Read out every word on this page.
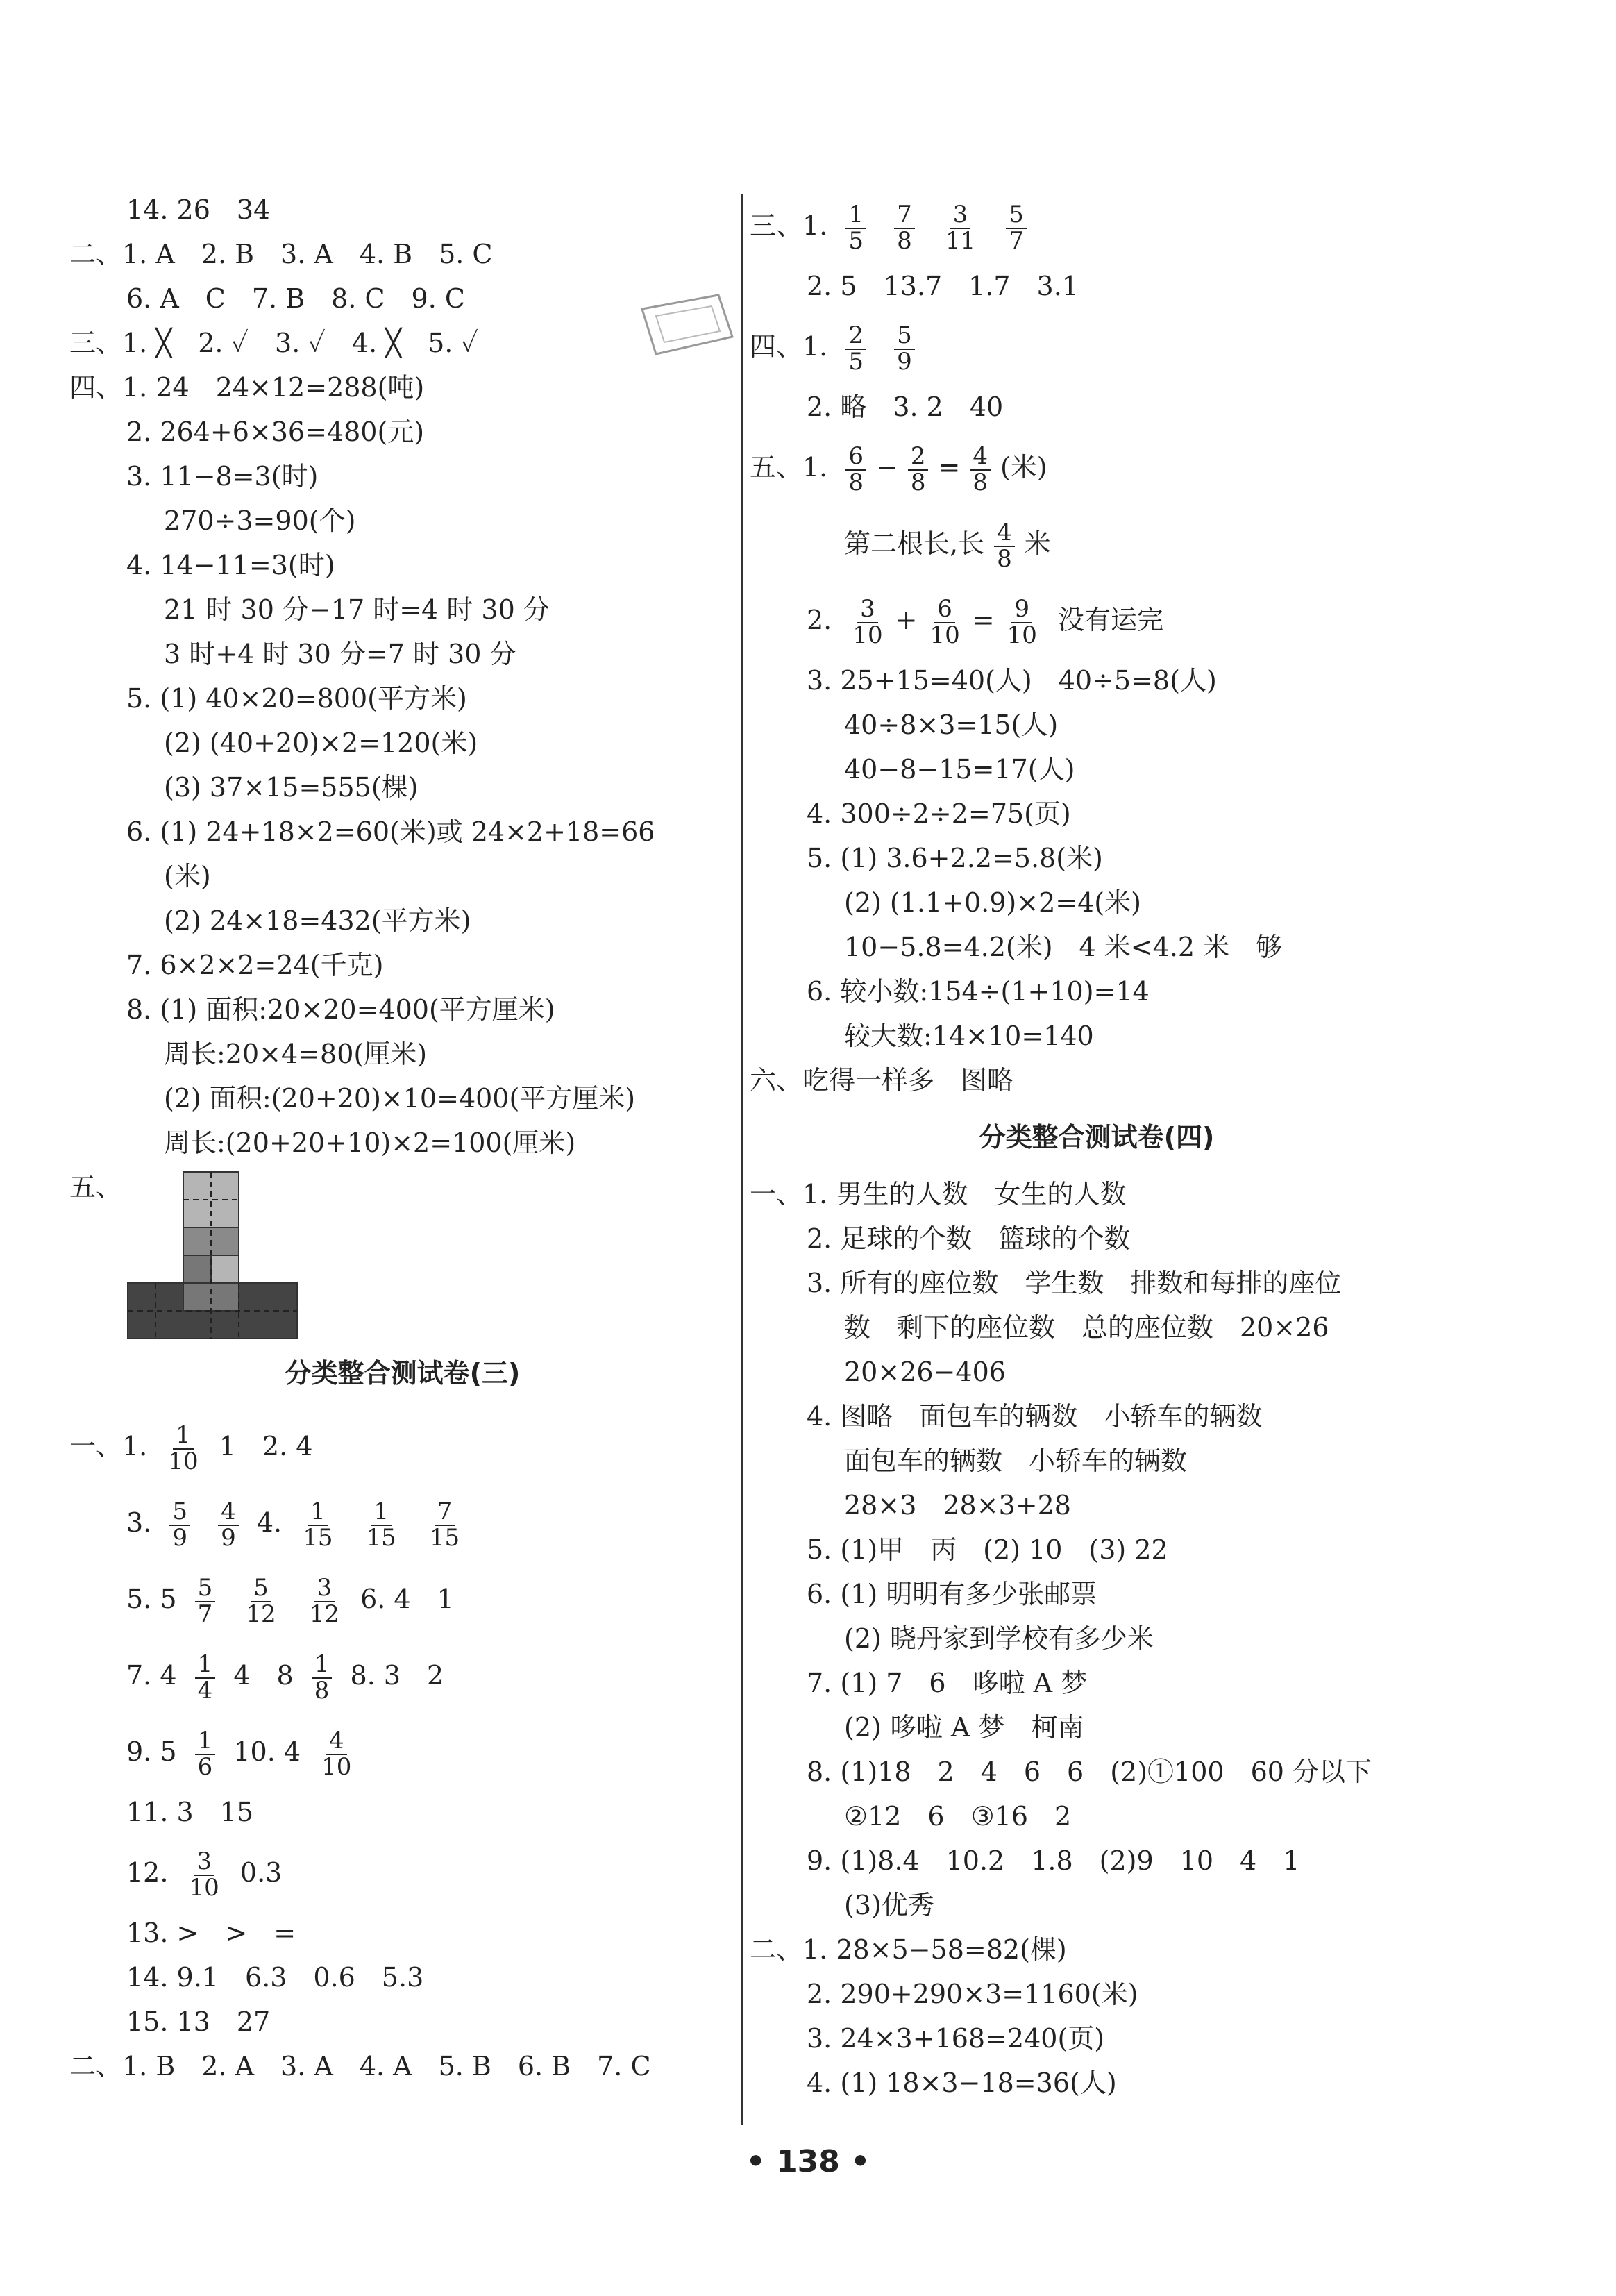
14. 26　34
二、1. A　2. B　3. A　4. B　5. C
6. A　C　7. B　8. C　9. C
三、1. ╳　2. ✓　3. ✓　4. ╳　5. ✓
四、1. 24　24×12=288(吨)
2. 264+6×36=480(元)
3. 11−8=3(时)
270÷3=90(个)
4. 14−11=3(时)
21 时 30 分−17 时=4 时 30 分
3 时+4 时 30 分=7 时 30 分
5. (1) 40×20=800(平方米)
(2) (40+20)×2=120(米)
(3) 37×15=555(棵)
6. (1) 24+18×2=60(米)或 24×2+18=66
(米)
(2) 24×18=432(平方米)
7. 6×2×2=24(千克)
8. (1) 面积:20×20=400(平方厘米)
周长:20×4=80(厘米)
(2) 面积:(20+20)×10=400(平方厘米)
周长:(20+20+10)×2=100(厘米)
五、
分类整合测试卷(三)
一、1. $\frac{1}{10} 1$　2. 4
3. $\frac{5}{9}$
$\frac{4}{9} 4$. $\frac{1}{15}$
$\frac{1}{15}$
$\frac{7}{15}$
5. $5 \frac{5}{7}$
$\frac{5}{12}$
$\frac{3}{12} 6$. 4　1
7. $4 \frac{1}{4} 4$　$8 \frac{1}{8} 8$. 3　2
9. $5 \frac{1}{6} 10$. $4 \frac{4}{10}$
11. 3　15
12. $\frac{3}{10} 0.3$
13. >　>　=
14. 9.1　6.3　0.6　5.3
15. 13　27
二、1. B　2. A　3. A　4. A　5. B　6. B　7. C
三、1. $\frac{1}{5}$
$\frac{7}{8}$
$\frac{3}{11}$
$\frac{5}{7}$
2. 5　13.7　1.7　3.1
四、1. $\frac{2}{5}$
$\frac{5}{9}$
2. 略　3. 2　40
五、1. $\frac{6}{8} - \frac{2}{8} = \frac{4}{8}$ (米)
第二根长,长 $\frac{4}{8}$ 米
2. $\frac{3}{10} + \frac{6}{10} = \frac{9}{10}$ 没有运完
3. 25+15=40(人)　40÷5=8(人)
40÷8×3=15(人)
40−8−15=17(人)
4. 300÷2÷2=75(页)
5. (1) 3.6+2.2=5.8(米)
(2) (1.1+0.9)×2=4(米)
10−5.8=4.2(米)　4 米<4.2 米　够
6. 较小数:154÷(1+10)=14
较大数:14×10=140
六、吃得一样多　图略
分类整合测试卷(四)
一、1. 男生的人数　女生的人数
2. 足球的个数　篮球的个数
3. 所有的座位数　学生数　排数和每排的座位
数　剩下的座位数　总的座位数　20×26
20×26−406
4. 图略　面包车的辆数　小轿车的辆数
面包车的辆数　小轿车的辆数
28×3　28×3+28
5. (1)甲　丙　(2) 10　(3) 22
6. (1) 明明有多少张邮票
(2) 晓丹家到学校有多少米
7. (1) 7　6　哆啦 A 梦
(2) 哆啦 A 梦　柯南
8. (1)18　2　4　6　6　(2)①100　60 分以下
②12　6　③16　2
9. (1)8.4　10.2　1.8　(2)9　10　4　1
(3)优秀
二、1. 28×5−58=82(棵)
2. 290+290×3=1160(米)
3. 24×3+168=240(页)
4. (1) 18×3−18=36(人)
• 138 •
